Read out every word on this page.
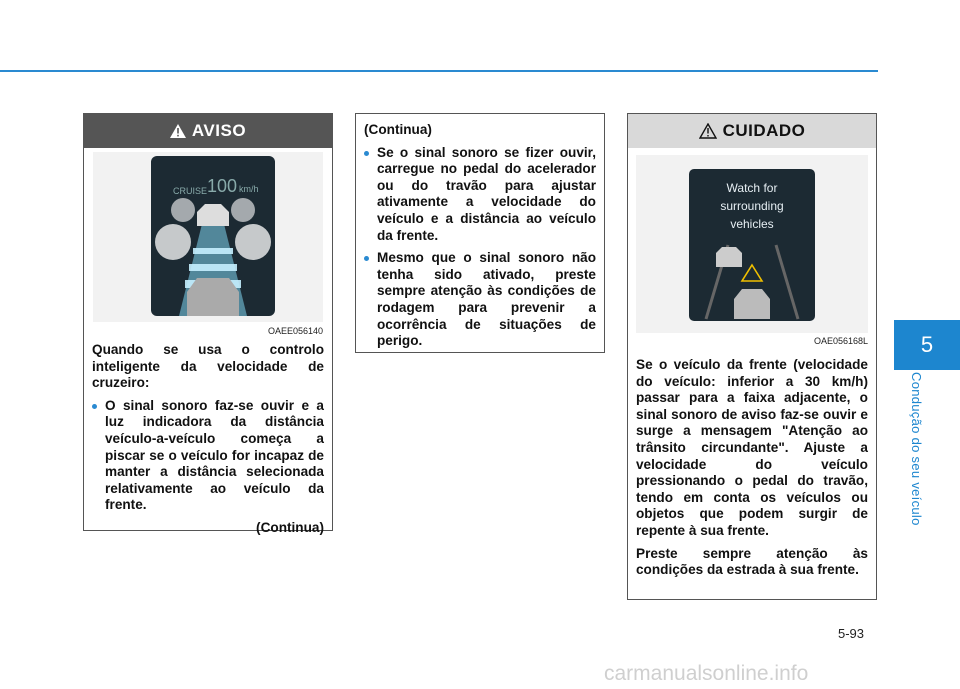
AVISO
CRUISE 100 km/h
OAEE056140

Quando se usa o controlo inteligente da velocidade de cruzeiro:

O sinal sonoro faz-se ouvir e a luz indicadora da distância veículo-a-veículo começa a piscar se o veículo for incapaz de manter a distância selecionada relativamente ao veículo da frente.

(Continua)

(Continua)

Se o sinal sonoro se fizer ouvir, carregue no pedal do acelerador ou do travão para ajustar ativamente a velocidade do veículo e a distância ao veículo da frente.

Mesmo que o sinal sonoro não tenha sido ativado, preste sempre atenção às condições de rodagem para prevenir a ocorrência de situações de perigo.

CUIDADO
Watch for
surrounding
vehicles
OAE056168L

Se o veículo da frente (velocidade do veículo: inferior a 30 km/h) passar para a faixa adjacente, o sinal sonoro de aviso faz-se ouvir e surge a mensagem "Atenção ao trânsito circundante". Ajuste a velocidade do veículo pressionando o pedal do travão, tendo em conta os veículos ou objetos que podem surgir de repente à sua frente.

Preste sempre atenção às condições da estrada à sua frente.

5
Condução do seu veículo
5-93
carmanualsonline.info
